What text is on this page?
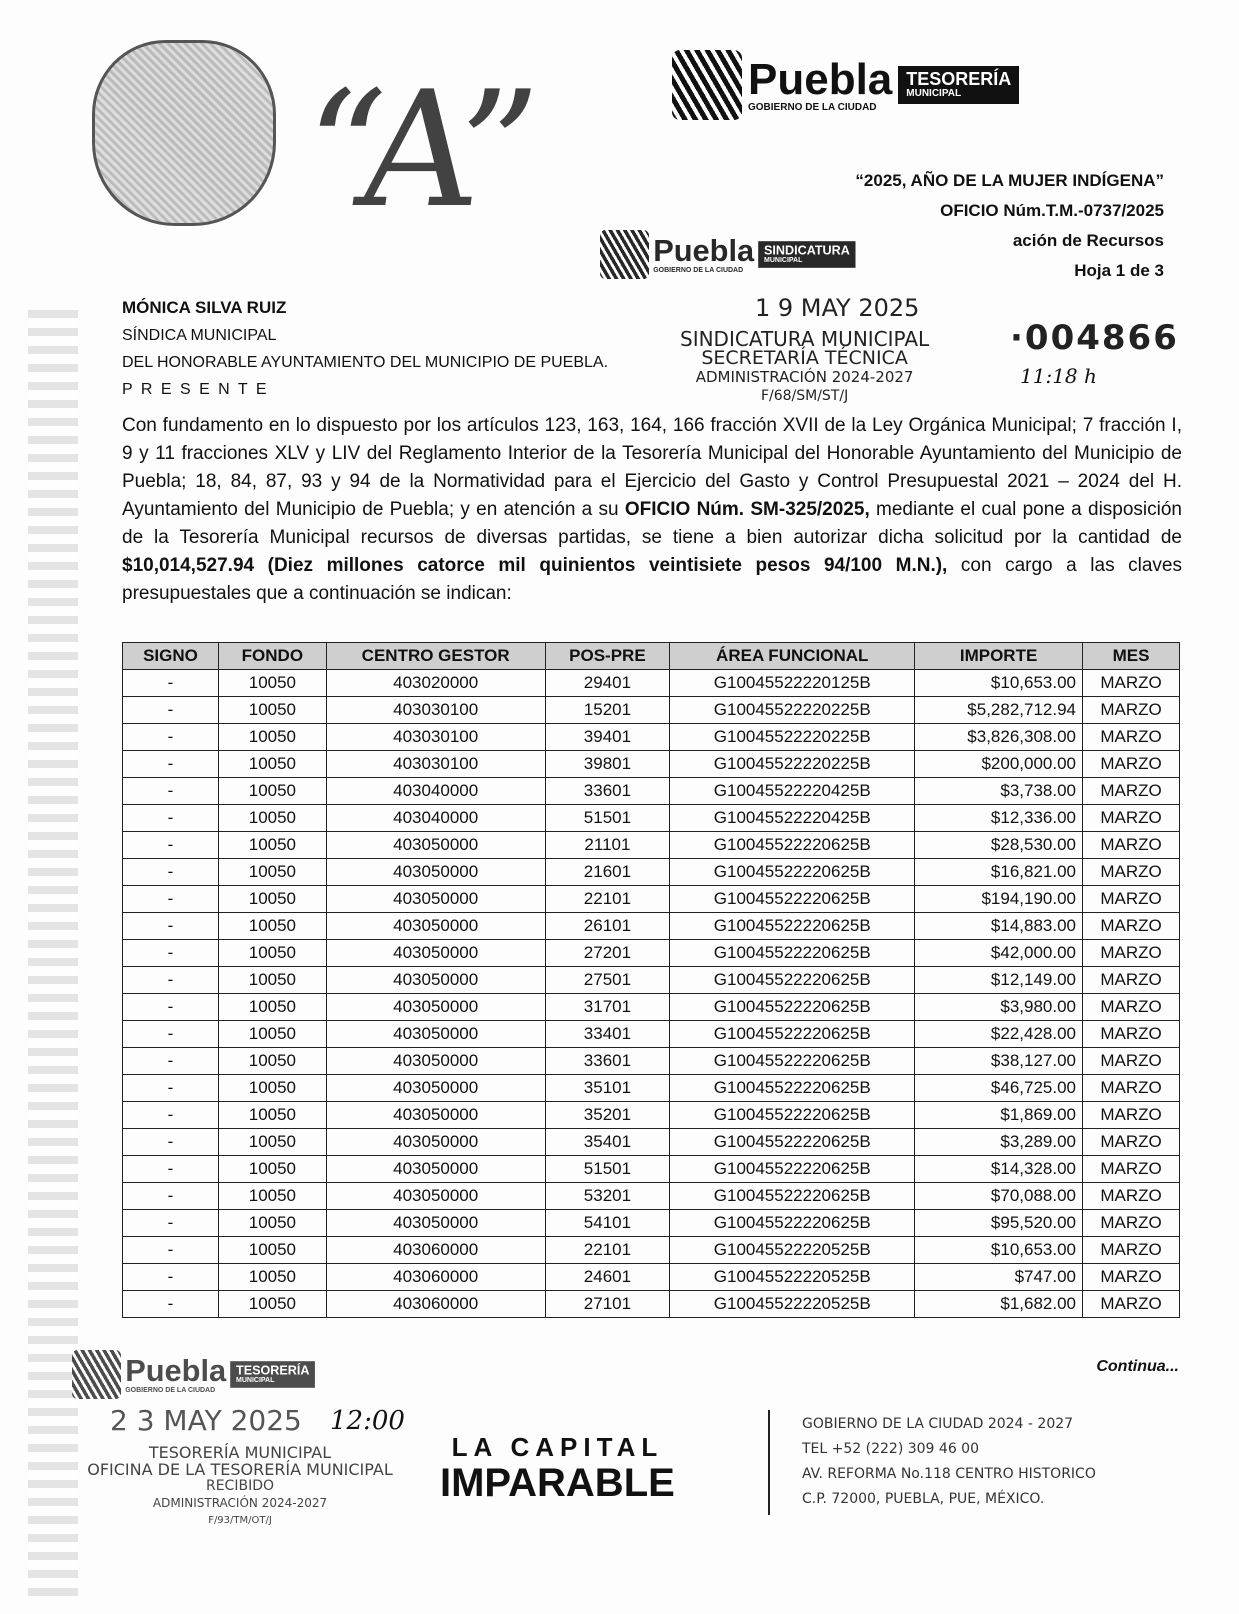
“A”	Puebla
GOBIERNO DE LA CIUDAD
TESORERÍA
MUNICIPAL
“2025, AÑO DE LA MUJER INDÍGENA”
OFICIO Núm.T.M.-0737/2025
ación de Recursos
Hoja 1 de 3
Puebla
GOBIERNO DE LA CIUDAD
SINDICATURA
MUNICIPAL
1 9 MAY 2025
·004866
SINDICATURA MUNICIPAL
SECRETARÍA TÉCNICA
ADMINISTRACIÓN 2024-2027
F/68/SM/ST/J
11:18 h
MÓNICA SILVA RUIZ
SÍNDICA MUNICIPAL
DEL HONORABLE AYUNTAMIENTO DEL MUNICIPIO DE PUEBLA.
P R E S E N T E
Con fundamento en lo dispuesto por los artículos 123, 163, 164, 166 fracción XVII de la Ley Orgánica Municipal; 7 fracción I, 9 y 11 fracciones XLV y LIV del Reglamento Interior de la Tesorería Municipal del Honorable Ayuntamiento del Municipio de Puebla; 18, 84, 87, 93 y 94 de la Normatividad para el Ejercicio del Gasto y Control Presupuestal 2021 – 2024 del H. Ayuntamiento del Municipio de Puebla; y en atención a su OFICIO Núm. SM-325/2025, mediante el cual pone a disposición de la Tesorería Municipal recursos de diversas partidas, se tiene a bien autorizar dicha solicitud por la cantidad de $10,014,527.94 (Diez millones catorce mil quinientos veintisiete pesos 94/100 M.N.), con cargo a las claves presupuestales que a continuación se indican:
SIGNO	FONDO	CENTRO GESTOR	POS-PRE	ÁREA FUNCIONAL	IMPORTE	MES
-	10050	403020000	29401	G10045522220125B	$10,653.00	MARZO
-	10050	403030100	15201	G10045522220225B	$5,282,712.94	MARZO
-	10050	403030100	39401	G10045522220225B	$3,826,308.00	MARZO
-	10050	403030100	39801	G10045522220225B	$200,000.00	MARZO
-	10050	403040000	33601	G10045522220425B	$3,738.00	MARZO
-	10050	403040000	51501	G10045522220425B	$12,336.00	MARZO
-	10050	403050000	21101	G10045522220625B	$28,530.00	MARZO
-	10050	403050000	21601	G10045522220625B	$16,821.00	MARZO
-	10050	403050000	22101	G10045522220625B	$194,190.00	MARZO
-	10050	403050000	26101	G10045522220625B	$14,883.00	MARZO
-	10050	403050000	27201	G10045522220625B	$42,000.00	MARZO
-	10050	403050000	27501	G10045522220625B	$12,149.00	MARZO
-	10050	403050000	31701	G10045522220625B	$3,980.00	MARZO
-	10050	403050000	33401	G10045522220625B	$22,428.00	MARZO
-	10050	403050000	33601	G10045522220625B	$38,127.00	MARZO
-	10050	403050000	35101	G10045522220625B	$46,725.00	MARZO
-	10050	403050000	35201	G10045522220625B	$1,869.00	MARZO
-	10050	403050000	35401	G10045522220625B	$3,289.00	MARZO
-	10050	403050000	51501	G10045522220625B	$14,328.00	MARZO
-	10050	403050000	53201	G10045522220625B	$70,088.00	MARZO
-	10050	403050000	54101	G10045522220625B	$95,520.00	MARZO
-	10050	403060000	22101	G10045522220525B	$10,653.00	MARZO
-	10050	403060000	24601	G10045522220525B	$747.00	MARZO
-	10050	403060000	27101	G10045522220525B	$1,682.00	MARZO
Continua...
Puebla
GOBIERNO DE LA CIUDAD
TESORERÍA
MUNICIPAL
2 3 MAY 2025 12:00
TESORERÍA MUNICIPAL
OFICINA DE LA TESORERÍA MUNICIPAL
RECIBIDO
ADMINISTRACIÓN 2024-2027
F/93/TM/OT/J
LA CAPITAL
IMPARABLE
GOBIERNO DE LA CIUDAD 2024 - 2027
TEL +52 (222) 309 46 00
AV. REFORMA No.118 CENTRO HISTORICO
C.P. 72000, PUEBLA, PUE, MÉXICO.
